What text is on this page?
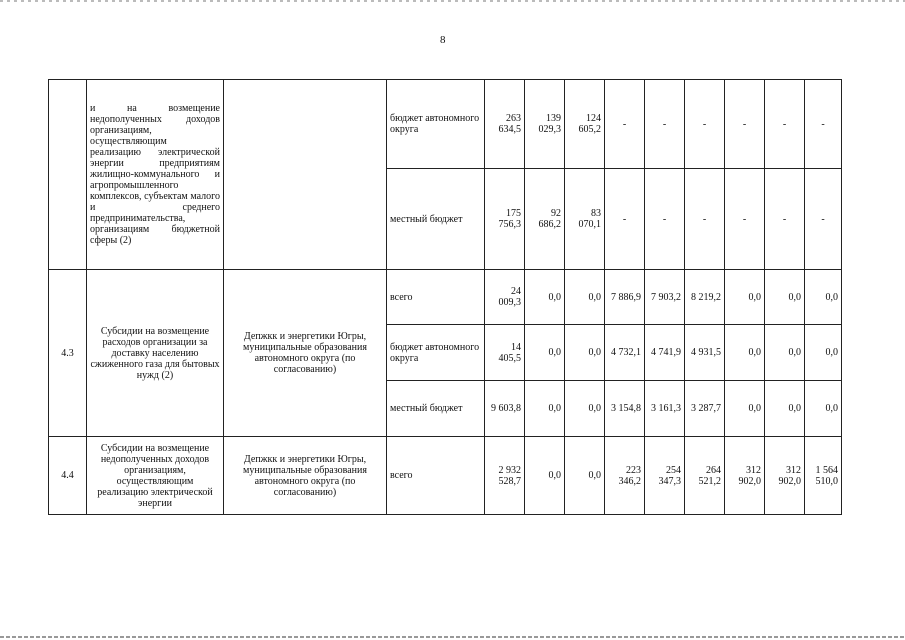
8
	и на возмещение недополученных доходов организациям, осуществляющим реализацию электрической энергии предприятиям жилищно-коммунального и агропромышленного комплексов, субъектам малого и среднего предпринимательства, организациям бюджетной сферы (2)		бюджет автономного округа	263 634,5	139 029,3	124 605,2	-	-	-	-	-	-
			местный бюджет	175 756,3	92 686,2	83 070,1	-	-	-	-	-	-
4.3	Субсидии на возмещение расходов организации за доставку населению сжиженного газа для бытовых нужд (2)	Депжкк и энергетики Югры, муниципальные образования автономного округа (по согласованию)	всего	24 009,3	0,0	0,0	7 886,9	7 903,2	8 219,2	0,0	0,0	0,0
			бюджет автономного округа	14 405,5	0,0	0,0	4 732,1	4 741,9	4 931,5	0,0	0,0	0,0
			местный бюджет	9 603,8	0,0	0,0	3 154,8	3 161,3	3 287,7	0,0	0,0	0,0
4.4	Субсидии на возмещение недополученных доходов организациям, осуществляющим реализацию электрической энергии	Депжкк и энергетики Югры, муниципальные образования автономного округа (по согласованию)	всего	2 932 528,7	0,0	0,0	223 346,2	254 347,3	264 521,2	312 902,0	312 902,0	1 564 510,0
